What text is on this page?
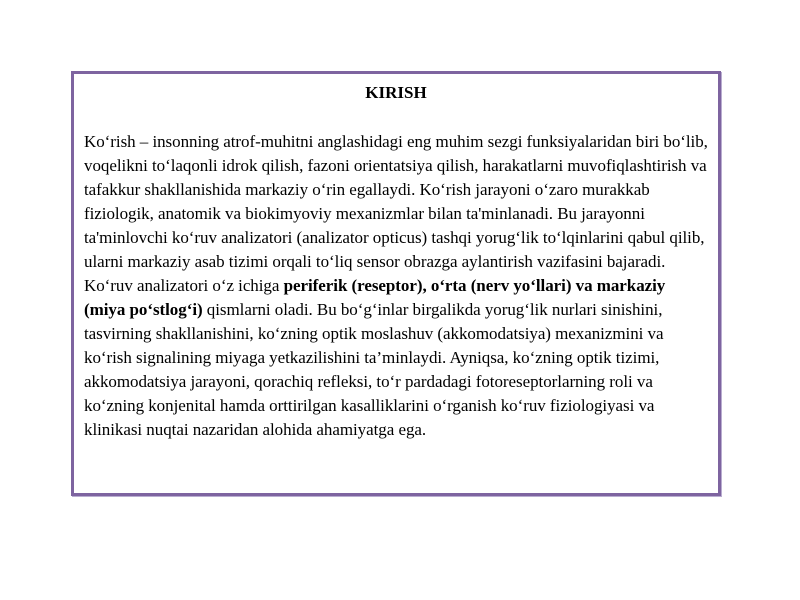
KIRISH

Ko‘rish – insonning atrof-muhitni anglashidagi eng muhim sezgi funksiyalaridan biri bo‘lib, voqelikni to‘laqonli idrok qilish, fazoni orientatsiya qilish, harakatlarni muvofiqlashtirish va tafakkur shakllanishida markaziy o‘rin egallaydi. Ko‘rish jarayoni o‘zaro murakkab fiziologik, anatomik va biokimyoviy mexanizmlar bilan ta'minlanadi. Bu jarayonni ta'minlovchi ko‘ruv analizatori (analizator opticus) tashqi yorug‘lik to‘lqinlarini qabul qilib, ularni markaziy asab tizimi orqali to‘liq sensor obrazga aylantirish vazifasini bajaradi. Ko‘ruv analizatori o‘z ichiga periferik (reseptor), o‘rta (nerv yo‘llari) va markaziy (miya po‘stlog‘i) qismlarni oladi. Bu bo‘g‘inlar birgalikda yorug‘lik nurlari sinishini, tasvirning shakllanishini, ko‘zning optik moslashuv (akkomodatsiya) mexanizmini va ko‘rish signalining miyaga yetkazilishini ta’minlaydi. Ayniqsa, ko‘zning optik tizimi, akkomodatsiya jarayoni, qorachiq refleksi, to‘r pardadagi fotoreseptorlarning roli va ko‘zning konjenital hamda orttirilgan kasalliklarini o‘rganish ko‘ruv fiziologiyasi va klinikasi nuqtai nazaridan alohida ahamiyatga ega.
